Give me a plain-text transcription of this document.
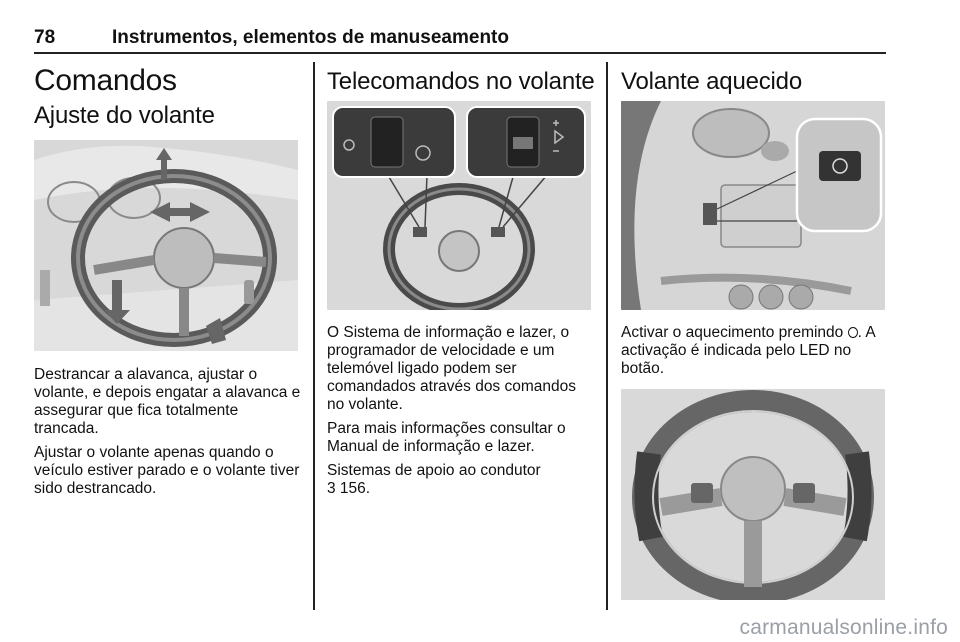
78	Instrumentos, elementos de manuseamento
Comandos
Ajuste do volante

Destrancar a alavanca, ajustar o volante, e depois engatar a alavanca e assegurar que fica totalmente trancada.

Ajustar o volante apenas quando o veículo estiver parado e o volante tiver sido destrancado.

Telecomandos no volante

O Sistema de informação e lazer, o programador de velocidade e um telemóvel ligado podem ser comandados através dos comandos no volante.

Para mais informações consultar o Manual de informação e lazer.

Sistemas de apoio ao condutor

3 156.

Volante aquecido

Activar o aquecimento premindo . A activação é indicada pelo LED no botão.

carmanualsonline.info
